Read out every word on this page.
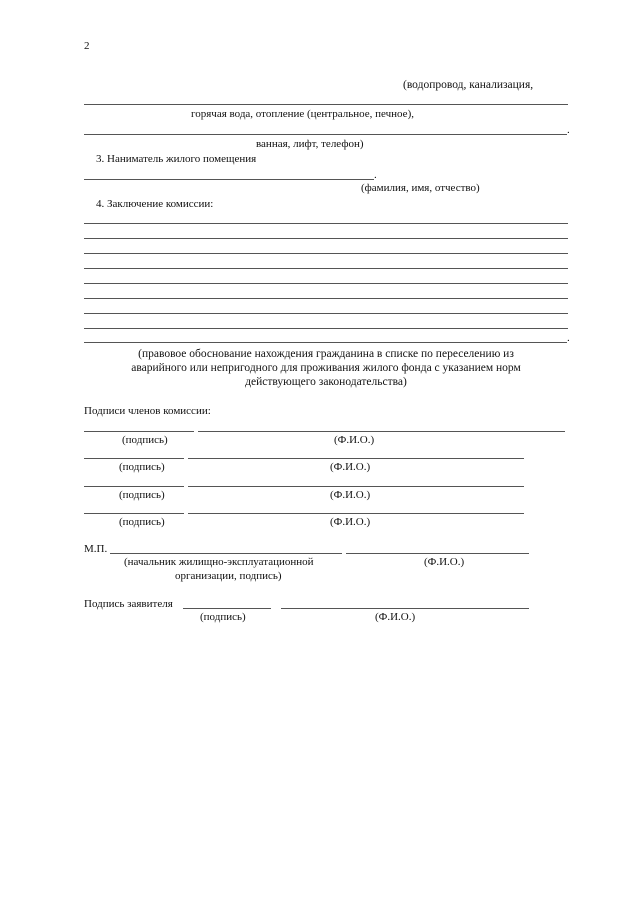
2
(водопровод, канализация,
горячая вода, отопление (центральное, печное),
.
ванная, лифт, телефон)
3. Наниматель жилого помещения
.
(фамилия, имя, отчество)
4. Заключение комиссии:
.
(правовое обоснование нахождения гражданина в списке по переселению из
аварийного или непригодного для проживания жилого фонда с указанием норм
действующего законодательства)
Подписи членов комиссии:
(подпись)	(Ф.И.О.)
(подпись)	(Ф.И.О.)
(подпись)	(Ф.И.О.)
(подпись)	(Ф.И.О.)
М.П.
(начальник жилищно-эксплуатационной	(Ф.И.О.)
организации, подпись)
Подпись заявителя
(подпись)	(Ф.И.О.)
